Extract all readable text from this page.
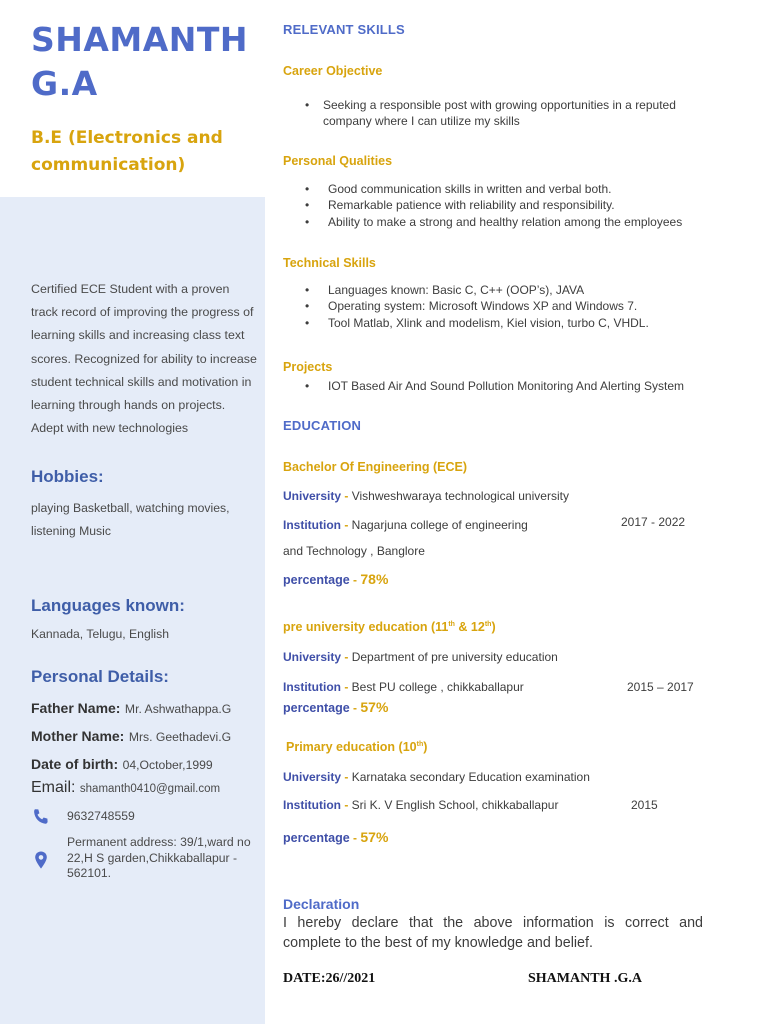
SHAMANTH
G.A
B.E (Electronics and
communication)
Certified ECE Student with a proven track record of improving the progress of learning skills and increasing class text scores. Recognized for ability to increase student technical skills and motivation in learning through hands on projects. Adept with new technologies
Hobbies:
playing Basketball, watching movies, listening Music
Languages known:
Kannada, Telugu, English
Personal Details:
Father Name: Mr. Ashwathappa.G
Mother Name: Mrs. Geethadevi.G
Date of birth: 04,October,1999
Email: shamanth0410@gmail.com
9632748559
Permanent address: 39/1,ward no 22,H S garden,Chikkaballapur - 562101.
RELEVANT SKILLS
Career Objective
• Seeking a responsible post with growing opportunities in a reputed company where I can utilize my skills
Personal Qualities
• Good communication skills in written and verbal both.
• Remarkable patience with reliability and responsibility.
• Ability to make a strong and healthy relation among the employees
Technical Skills
• Languages known: Basic C, C++ (OOP’s), JAVA
• Operating system: Microsoft Windows XP and Windows 7.
• Tool Matlab, Xlink and modelism, Kiel vision, turbo C, VHDL.
Projects
• IOT Based Air And Sound Pollution Monitoring And Alerting System
EDUCATION
Bachelor Of Engineering (ECE)
University - Vishweshwaraya technological university
Institution - Nagarjuna college of engineering	2017 - 2022
and Technology , Banglore
percentage - 78%
pre university education (11th & 12th)
University - Department of pre university education
Institution - Best PU college , chikkaballapur	2015 – 2017
percentage - 57%
Primary education (10th)
University - Karnataka secondary Education examination
Institution - Sri K. V English School, chikkaballapur	2015
percentage - 57%
Declaration
I hereby declare that the above information is correct and complete to the best of my knowledge and belief.
DATE:26//2021	SHAMANTH .G.A
